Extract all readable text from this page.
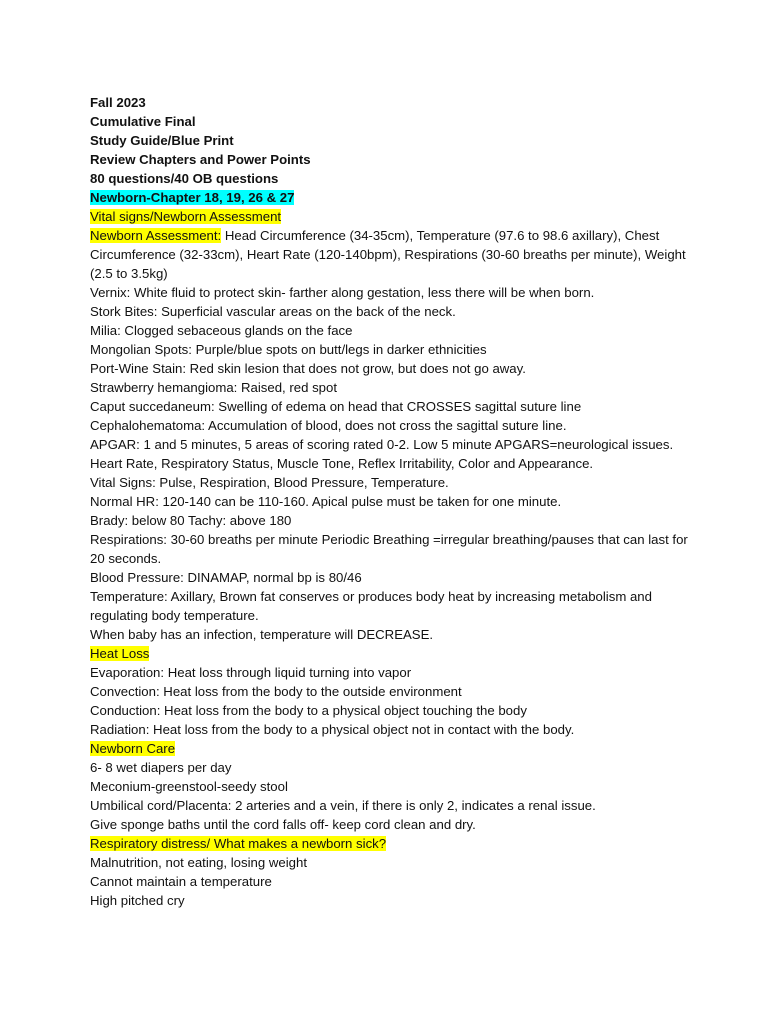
Fall 2023
Cumulative Final
Study Guide/Blue Print
Review Chapters and Power Points
80 questions/40 OB questions
Newborn-Chapter 18, 19, 26 & 27
Vital signs/Newborn Assessment
Newborn Assessment: Head Circumference (34-35cm), Temperature (97.6 to 98.6 axillary), Chest Circumference (32-33cm), Heart Rate (120-140bpm), Respirations (30-60 breaths per minute), Weight (2.5 to 3.5kg)
Vernix: White fluid to protect skin- farther along gestation, less there will be when born.
Stork Bites: Superficial vascular areas on the back of the neck.
Milia: Clogged sebaceous glands on the face
Mongolian Spots: Purple/blue spots on butt/legs in darker ethnicities
Port-Wine Stain: Red skin lesion that does not grow, but does not go away.
Strawberry hemangioma: Raised, red spot
Caput succedaneum: Swelling of edema on head that CROSSES sagittal suture line
Cephalohematoma: Accumulation of blood, does not cross the sagittal suture line.
APGAR: 1 and 5 minutes, 5 areas of scoring rated 0-2. Low 5 minute APGARS=neurological issues. Heart Rate, Respiratory Status, Muscle Tone, Reflex Irritability, Color and Appearance.
Vital Signs: Pulse, Respiration, Blood Pressure, Temperature.
Normal HR: 120-140 can be 110-160. Apical pulse must be taken for one minute.
Brady: below 80 Tachy: above 180
Respirations: 30-60 breaths per minute Periodic Breathing =irregular breathing/pauses that can last for 20 seconds.
Blood Pressure: DINAMAP, normal bp is 80/46
Temperature: Axillary, Brown fat conserves or produces body heat by increasing metabolism and regulating body temperature.
When baby has an infection, temperature will DECREASE.
Heat Loss
Evaporation: Heat loss through liquid turning into vapor
Convection: Heat loss from the body to the outside environment
Conduction: Heat loss from the body to a physical object touching the body
Radiation: Heat loss from the body to a physical object not in contact with the body.
Newborn Care
6- 8 wet diapers per day
Meconium-greenstool-seedy stool
Umbilical cord/Placenta: 2 arteries and a vein, if there is only 2, indicates a renal issue.
Give sponge baths until the cord falls off- keep cord clean and dry.
Respiratory distress/ What makes a newborn sick?
Malnutrition, not eating, losing weight
Cannot maintain a temperature
High pitched cry
